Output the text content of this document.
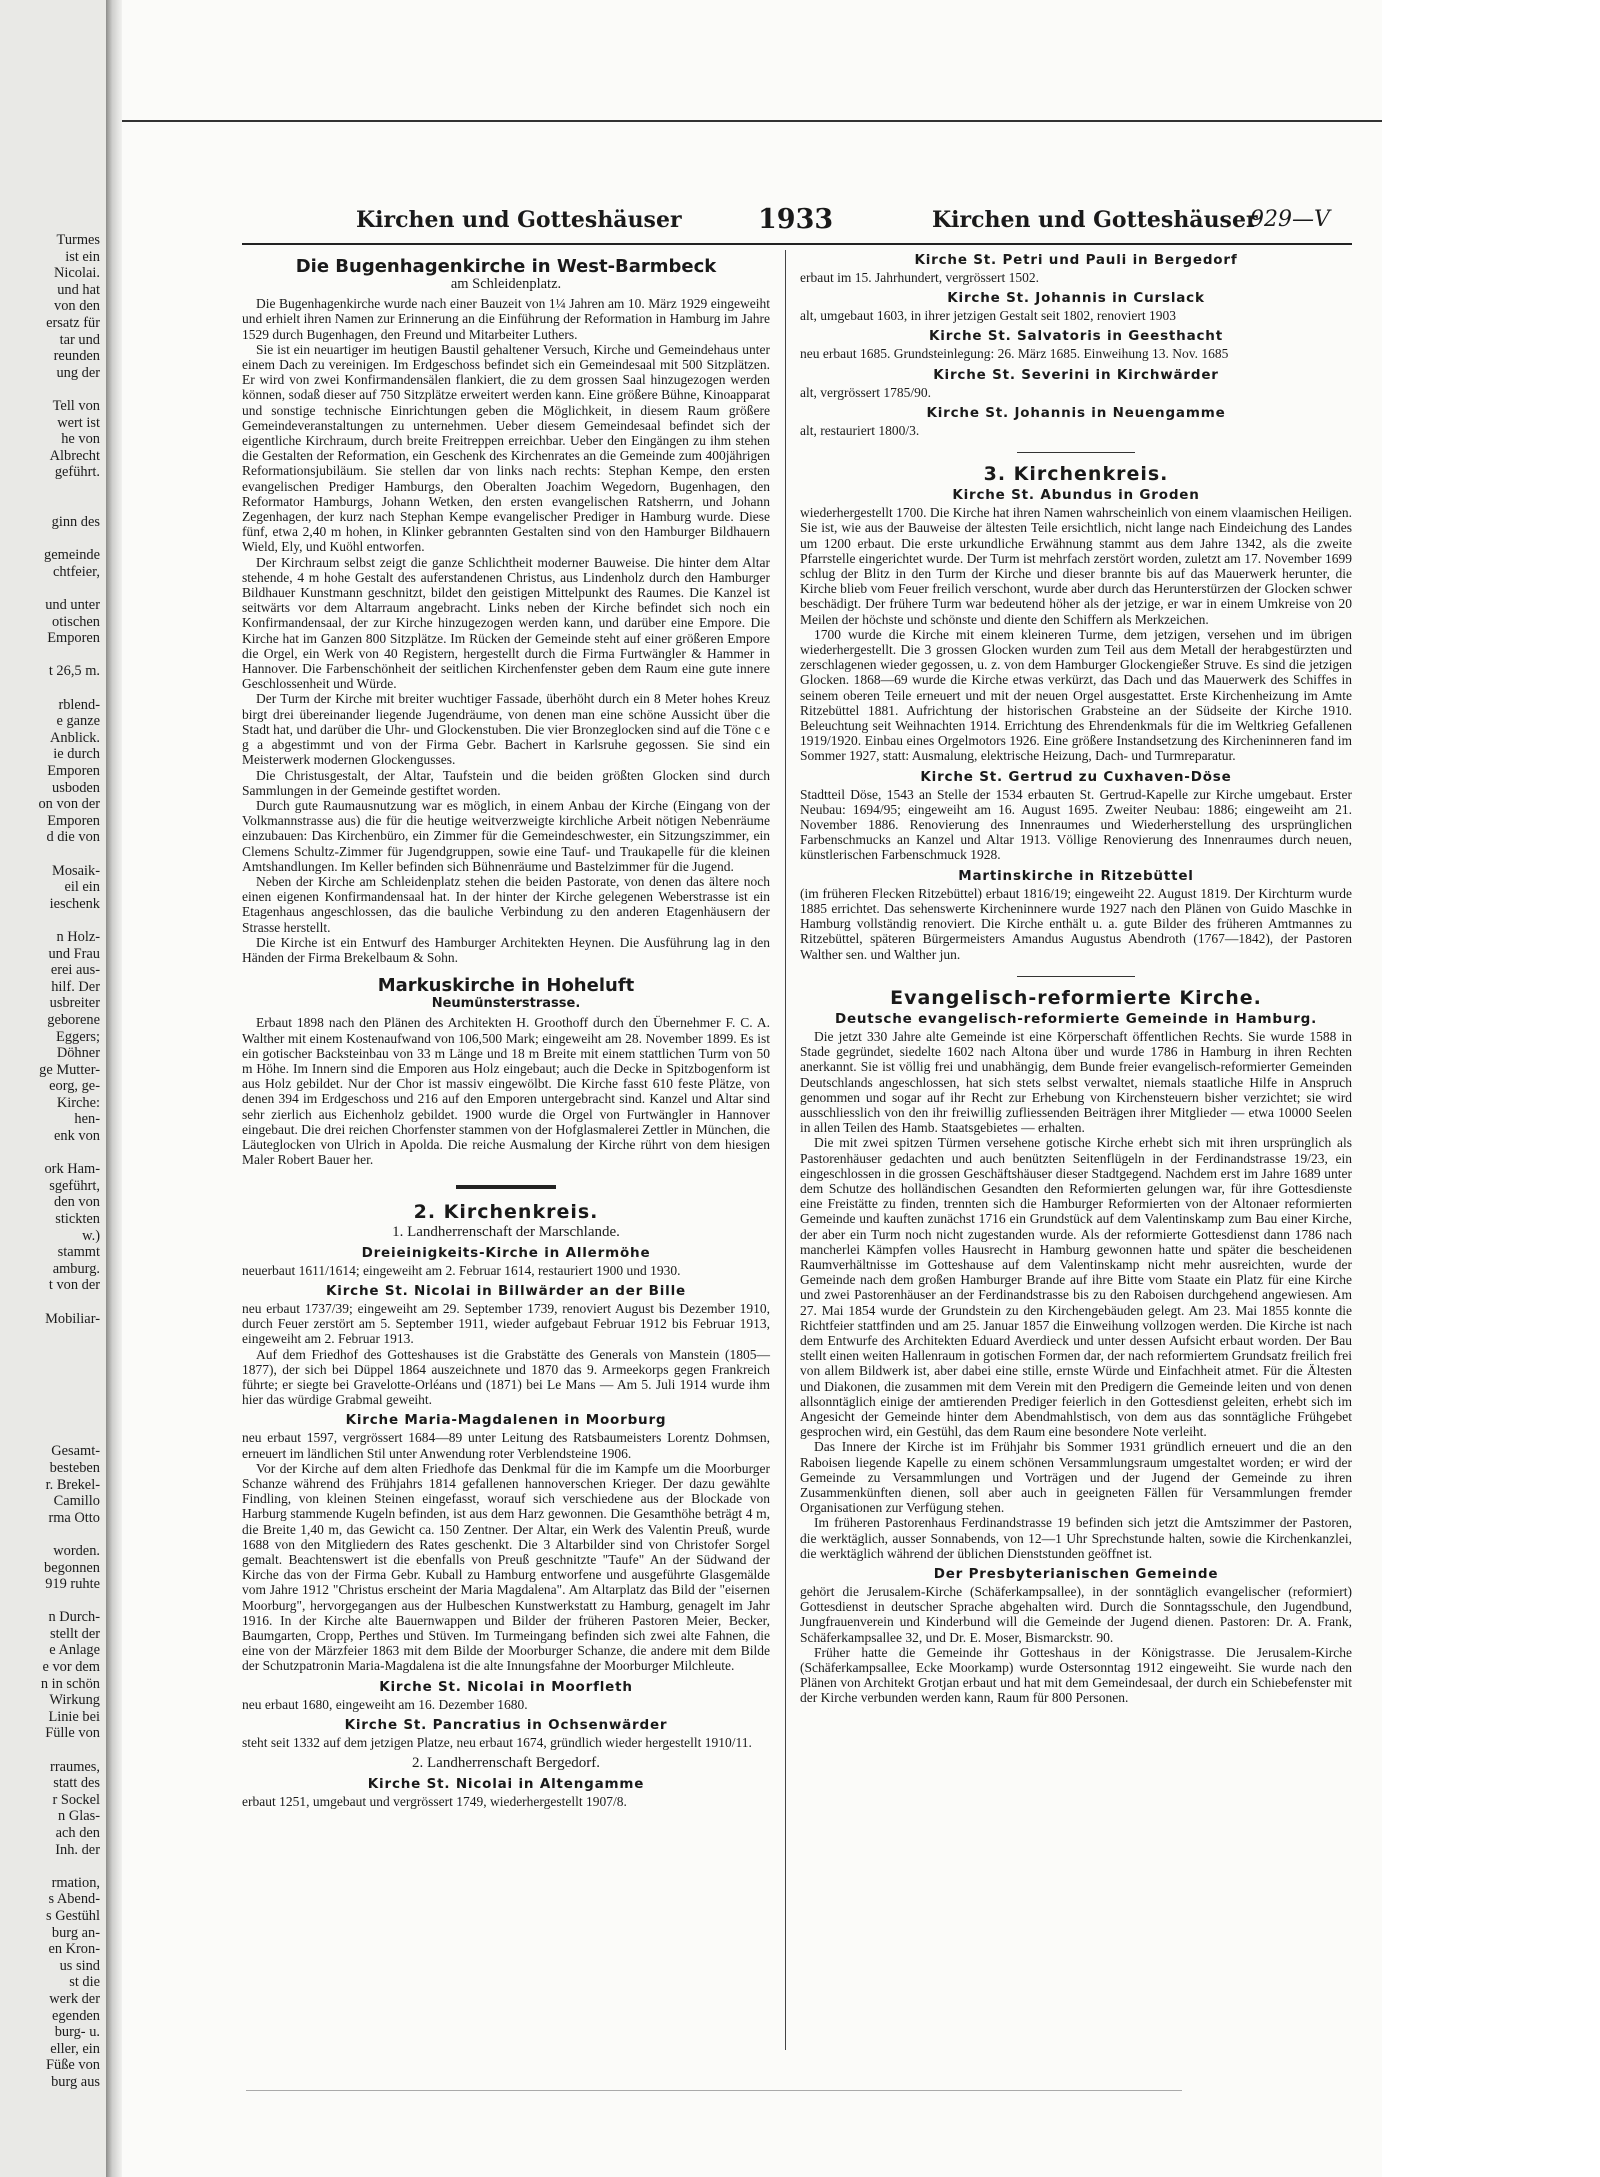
Turmes
ist ein
Nicolai.
und hat
von den
ersatz für
tar und
reunden
ung der

Tell von
wert ist
he von
Albrecht
geführt.

ginn des

gemeinde
chtfeier,

und unter
otischen
Emporen

t 26,5 m.

rblend-
e ganze
Anblick.
ie durch
Emporen
usboden
on von der
Emporen
d die von

Mosaik-
eil ein
ieschenk

n Holz-
und Frau
erei aus-
hilf. Der
usbreiter
geborene
Eggers;
Döhner
ge Mutter-
eorg, ge-
Kirche:
hen-
enk von

ork Ham-
sgeführt,
den von
stickten
w.)
stammt
amburg.
t von der

Mobiliar-

Gesamt-
besteben
r. Brekel-
Camillo
rma Otto

worden.
begonnen
919 ruhte

n Durch-
stellt der
e Anlage
e vor dem
n in schön
Wirkung
Linie bei
Fülle von

rraumes,
statt des
r Sockel
n Glas-
ach den
Inh. der

rmation,
s Abend-
s Gestühl
burg an-
en Kron-
us sind
st die
werk der
egenden
burg- u.
eller, ein
Füße von
burg aus
Kirchen und Gotteshäuser	1933	Kirchen und Gotteshäuser
929—V
Die Bugenhagenkirche in West-Barmbeck
am Schleidenplatz.

Die Bugenhagenkirche wurde nach einer Bauzeit von 1¼ Jahren am 10. März 1929 eingeweiht und erhielt ihren Namen zur Erinnerung an die Einführung der Reformation in Hamburg im Jahre 1529 durch Bugenhagen, den Freund und Mitarbeiter Luthers.

Sie ist ein neuartiger im heutigen Baustil gehaltener Versuch, Kirche und Gemeindehaus unter einem Dach zu vereinigen. Im Erdgeschoss befindet sich ein Gemeindesaal mit 500 Sitzplätzen. Er wird von zwei Konfirmandensälen flankiert, die zu dem grossen Saal hinzugezogen werden können, sodaß dieser auf 750 Sitzplätze erweitert werden kann. Eine größere Bühne, Kinoapparat und sonstige technische Einrichtungen geben die Möglichkeit, in diesem Raum größere Gemeindeveranstaltungen zu unternehmen. Ueber diesem Gemeindesaal befindet sich der eigentliche Kirchraum, durch breite Freitreppen erreichbar. Ueber den Eingängen zu ihm stehen die Gestalten der Reformation, ein Geschenk des Kirchenrates an die Gemeinde zum 400jährigen Reformationsjubiläum. Sie stellen dar von links nach rechts: Stephan Kempe, den ersten evangelischen Prediger Hamburgs, den Oberalten Joachim Wegedorn, Bugenhagen, den Reformator Hamburgs, Johann Wetken, den ersten evangelischen Ratsherrn, und Johann Zegenhagen, der kurz nach Stephan Kempe evangelischer Prediger in Hamburg wurde. Diese fünf, etwa 2,40 m hohen, in Klinker gebrannten Gestalten sind von den Hamburger Bildhauern Wield, Ely, und Kuöhl entworfen.

Der Kirchraum selbst zeigt die ganze Schlichtheit moderner Bauweise. Die hinter dem Altar stehende, 4 m hohe Gestalt des auferstandenen Christus, aus Lindenholz durch den Hamburger Bildhauer Kunstmann geschnitzt, bildet den geistigen Mittelpunkt des Raumes. Die Kanzel ist seitwärts vor dem Altarraum angebracht. Links neben der Kirche befindet sich noch ein Konfirmandensaal, der zur Kirche hinzugezogen werden kann, und darüber eine Empore. Die Kirche hat im Ganzen 800 Sitzplätze. Im Rücken der Gemeinde steht auf einer größeren Empore die Orgel, ein Werk von 40 Registern, hergestellt durch die Firma Furtwängler & Hammer in Hannover. Die Farbenschönheit der seitlichen Kirchenfenster geben dem Raum eine gute innere Geschlossenheit und Würde.

Der Turm der Kirche mit breiter wuchtiger Fassade, überhöht durch ein 8 Meter hohes Kreuz birgt drei übereinander liegende Jugendräume, von denen man eine schöne Aussicht über die Stadt hat, und darüber die Uhr- und Glockenstuben. Die vier Bronzeglocken sind auf die Töne c e g a abgestimmt und von der Firma Gebr. Bachert in Karlsruhe gegossen. Sie sind ein Meisterwerk modernen Glockengusses.

Die Christusgestalt, der Altar, Taufstein und die beiden größten Glocken sind durch Sammlungen in der Gemeinde gestiftet worden.

Durch gute Raumausnutzung war es möglich, in einem Anbau der Kirche (Eingang von der Volkmannstrasse aus) die für die heutige weitverzweigte kirchliche Arbeit nötigen Nebenräume einzubauen: Das Kirchenbüro, ein Zimmer für die Gemeindeschwester, ein Sitzungszimmer, ein Clemens Schultz-Zimmer für Jugendgruppen, sowie eine Tauf- und Traukapelle für die kleinen Amtshandlungen. Im Keller befinden sich Bühnenräume und Bastelzimmer für die Jugend.

Neben der Kirche am Schleidenplatz stehen die beiden Pastorate, von denen das ältere noch einen eigenen Konfirmandensaal hat. In der hinter der Kirche gelegenen Weberstrasse ist ein Etagenhaus angeschlossen, das die bauliche Verbindung zu den anderen Etagenhäusern der Strasse herstellt.

Die Kirche ist ein Entwurf des Hamburger Architekten Heynen. Die Ausführung lag in den Händen der Firma Brekelbaum & Sohn.

Markuskirche in Hoheluft
Neumünsterstrasse.

Erbaut 1898 nach den Plänen des Architekten H. Groothoff durch den Übernehmer F. C. A. Walther mit einem Kostenaufwand von 106,500 Mark; eingeweiht am 28. November 1899. Es ist ein gotischer Backsteinbau von 33 m Länge und 18 m Breite mit einem stattlichen Turm von 50 m Höhe. Im Innern sind die Emporen aus Holz eingebaut; auch die Decke in Spitzbogenform ist aus Holz gebildet. Nur der Chor ist massiv eingewölbt. Die Kirche fasst 610 feste Plätze, von denen 394 im Erdgeschoss und 216 auf den Emporen untergebracht sind. Kanzel und Altar sind sehr zierlich aus Eichenholz gebildet. 1900 wurde die Orgel von Furtwängler in Hannover eingebaut. Die drei reichen Chorfenster stammen von der Hofglasmalerei Zettler in München, die Läuteglocken von Ulrich in Apolda. Die reiche Ausmalung der Kirche rührt von dem hiesigen Maler Robert Bauer her.

2. Kirchenkreis.
1. Landherrenschaft der Marschlande.
Dreieinigkeits-Kirche in Allermöhe

neuerbaut 1611/1614; eingeweiht am 2. Februar 1614, restauriert 1900 und 1930.

Kirche St. Nicolai in Billwärder an der Bille

neu erbaut 1737/39; eingeweiht am 29. September 1739, renoviert August bis Dezember 1910, durch Feuer zerstört am 5. September 1911, wieder aufgebaut Februar 1912 bis Februar 1913, eingeweiht am 2. Februar 1913.

Auf dem Friedhof des Gotteshauses ist die Grabstätte des Generals von Manstein (1805—1877), der sich bei Düppel 1864 auszeichnete und 1870 das 9. Armeekorps gegen Frankreich führte; er siegte bei Gravelotte-Orléans und (1871) bei Le Mans — Am 5. Juli 1914 wurde ihm hier das würdige Grabmal geweiht.

Kirche Maria-Magdalenen in Moorburg

neu erbaut 1597, vergrössert 1684—89 unter Leitung des Ratsbaumeisters Lorentz Dohmsen, erneuert im ländlichen Stil unter Anwendung roter Verblendsteine 1906.

Vor der Kirche auf dem alten Friedhofe das Denkmal für die im Kampfe um die Moorburger Schanze während des Frühjahrs 1814 gefallenen hannoverschen Krieger. Der dazu gewählte Findling, von kleinen Steinen eingefasst, worauf sich verschiedene aus der Blockade von Harburg stammende Kugeln befinden, ist aus dem Harz gewonnen. Die Gesamthöhe beträgt 4 m, die Breite 1,40 m, das Gewicht ca. 150 Zentner. Der Altar, ein Werk des Valentin Preuß, wurde 1688 von den Mitgliedern des Rates geschenkt. Die 3 Altarbilder sind von Christofer Sorgel gemalt. Beachtenswert ist die ebenfalls von Preuß geschnitzte "Taufe" An der Südwand der Kirche das von der Firma Gebr. Kuball zu Hamburg entworfene und ausgeführte Glasgemälde vom Jahre 1912 "Christus erscheint der Maria Magdalena". Am Altarplatz das Bild der "eisernen Moorburg", hervorgegangen aus der Hulbeschen Kunstwerkstatt zu Hamburg, genagelt im Jahr 1916. In der Kirche alte Bauernwappen und Bilder der früheren Pastoren Meier, Becker, Baumgarten, Cropp, Perthes und Stüven. Im Turmeingang befinden sich zwei alte Fahnen, die eine von der Märzfeier 1863 mit dem Bilde der Moorburger Schanze, die andere mit dem Bilde der Schutzpatronin Maria-Magdalena ist die alte Innungsfahne der Moorburger Milchleute.

Kirche St. Nicolai in Moorfleth

neu erbaut 1680, eingeweiht am 16. Dezember 1680.

Kirche St. Pancratius in Ochsenwärder

steht seit 1332 auf dem jetzigen Platze, neu erbaut 1674, gründlich wieder hergestellt 1910/11.

2. Landherrenschaft Bergedorf.
Kirche St. Nicolai in Altengamme

erbaut 1251, umgebaut und vergrössert 1749, wiederhergestellt 1907/8.

Kirche St. Petri und Pauli in Bergedorf

erbaut im 15. Jahrhundert, vergrössert 1502.

Kirche St. Johannis in Curslack

alt, umgebaut 1603, in ihrer jetzigen Gestalt seit 1802, renoviert 1903

Kirche St. Salvatoris in Geesthacht

neu erbaut 1685. Grundsteinlegung: 26. März 1685. Einweihung 13. Nov. 1685

Kirche St. Severini in Kirchwärder

alt, vergrössert 1785/90.

Kirche St. Johannis in Neuengamme

alt, restauriert 1800/3.

3. Kirchenkreis.
Kirche St. Abundus in Groden

wiederhergestellt 1700. Die Kirche hat ihren Namen wahrscheinlich von einem vlaamischen Heiligen. Sie ist, wie aus der Bauweise der ältesten Teile ersichtlich, nicht lange nach Eindeichung des Landes um 1200 erbaut. Die erste urkundliche Erwähnung stammt aus dem Jahre 1342, als die zweite Pfarrstelle eingerichtet wurde. Der Turm ist mehrfach zerstört worden, zuletzt am 17. November 1699 schlug der Blitz in den Turm der Kirche und dieser brannte bis auf das Mauerwerk herunter, die Kirche blieb vom Feuer freilich verschont, wurde aber durch das Herunterstürzen der Glocken schwer beschädigt. Der frühere Turm war bedeutend höher als der jetzige, er war in einem Umkreise von 20 Meilen der höchste und schönste und diente den Schiffern als Merkzeichen.

1700 wurde die Kirche mit einem kleineren Turme, dem jetzigen, versehen und im übrigen wiederhergestellt. Die 3 grossen Glocken wurden zum Teil aus dem Metall der herabgestürzten und zerschlagenen wieder gegossen, u. z. von dem Hamburger Glockengießer Struve. Es sind die jetzigen Glocken. 1868—69 wurde die Kirche etwas verkürzt, das Dach und das Mauerwerk des Schiffes in seinem oberen Teile erneuert und mit der neuen Orgel ausgestattet. Erste Kirchenheizung im Amte Ritzebüttel 1881. Aufrichtung der historischen Grabsteine an der Südseite der Kirche 1910. Beleuchtung seit Weihnachten 1914. Errichtung des Ehrendenkmals für die im Weltkrieg Gefallenen 1919/1920. Einbau eines Orgelmotors 1926. Eine größere Instandsetzung des Kircheninneren fand im Sommer 1927, statt: Ausmalung, elektrische Heizung, Dach- und Turmreparatur.

Kirche St. Gertrud zu Cuxhaven-Döse

Stadtteil Döse, 1543 an Stelle der 1534 erbauten St. Gertrud-Kapelle zur Kirche umgebaut. Erster Neubau: 1694/95; eingeweiht am 16. August 1695. Zweiter Neubau: 1886; eingeweiht am 21. November 1886. Renovierung des Innenraumes und Wiederherstellung des ursprünglichen Farbenschmucks an Kanzel und Altar 1913. Völlige Renovierung des Innenraumes durch neuen, künstlerischen Farbenschmuck 1928.

Martinskirche in Ritzebüttel

(im früheren Flecken Ritzebüttel) erbaut 1816/19; eingeweiht 22. August 1819. Der Kirchturm wurde 1885 errichtet. Das sehenswerte Kircheninnere wurde 1927 nach den Plänen von Guido Maschke in Hamburg vollständig renoviert. Die Kirche enthält u. a. gute Bilder des früheren Amtmannes zu Ritzebüttel, späteren Bürgermeisters Amandus Augustus Abendroth (1767—1842), der Pastoren Walther sen. und Walther jun.

Evangelisch-reformierte Kirche.
Deutsche evangelisch-reformierte Gemeinde in Hamburg.

Die jetzt 330 Jahre alte Gemeinde ist eine Körperschaft öffentlichen Rechts. Sie wurde 1588 in Stade gegründet, siedelte 1602 nach Altona über und wurde 1786 in Hamburg in ihren Rechten anerkannt. Sie ist völlig frei und unabhängig, dem Bunde freier evangelisch-reformierter Gemeinden Deutschlands angeschlossen, hat sich stets selbst verwaltet, niemals staatliche Hilfe in Anspruch genommen und sogar auf ihr Recht zur Erhebung von Kirchensteuern bisher verzichtet; sie wird ausschliesslich von den ihr freiwillig zufliessenden Beiträgen ihrer Mitglieder — etwa 10000 Seelen in allen Teilen des Hamb. Staatsgebietes — erhalten.

Die mit zwei spitzen Türmen versehene gotische Kirche erhebt sich mit ihren ursprünglich als Pastorenhäuser gedachten und auch benützten Seitenflügeln in der Ferdinandstrasse 19/23, ein eingeschlossen in die grossen Geschäftshäuser dieser Stadtgegend. Nachdem erst im Jahre 1689 unter dem Schutze des holländischen Gesandten den Reformierten gelungen war, für ihre Gottesdienste eine Freistätte zu finden, trennten sich die Hamburger Reformierten von der Altonaer reformierten Gemeinde und kauften zunächst 1716 ein Grundstück auf dem Valentinskamp zum Bau einer Kirche, der aber ein Turm noch nicht zugestanden wurde. Als der reformierte Gottesdienst dann 1786 nach mancherlei Kämpfen volles Hausrecht in Hamburg gewonnen hatte und später die bescheidenen Raumverhältnisse im Gotteshause auf dem Valentinskamp nicht mehr ausreichten, wurde der Gemeinde nach dem großen Hamburger Brande auf ihre Bitte vom Staate ein Platz für eine Kirche und zwei Pastorenhäuser an der Ferdinandstrasse bis zu den Raboisen durchgehend angewiesen. Am 27. Mai 1854 wurde der Grundstein zu den Kirchengebäuden gelegt. Am 23. Mai 1855 konnte die Richtfeier stattfinden und am 25. Januar 1857 die Einweihung vollzogen werden. Die Kirche ist nach dem Entwurfe des Architekten Eduard Averdieck und unter dessen Aufsicht erbaut worden. Der Bau stellt einen weiten Hallenraum in gotischen Formen dar, der nach reformiertem Grundsatz freilich frei von allem Bildwerk ist, aber dabei eine stille, ernste Würde und Einfachheit atmet. Für die Ältesten und Diakonen, die zusammen mit dem Verein mit den Predigern die Gemeinde leiten und von denen allsonntäglich einige der amtierenden Prediger feierlich in den Gottesdienst geleiten, erhebt sich im Angesicht der Gemeinde hinter dem Abendmahlstisch, von dem aus das sonntägliche Frühgebet gesprochen wird, ein Gestühl, das dem Raum eine besondere Note verleiht.

Das Innere der Kirche ist im Frühjahr bis Sommer 1931 gründlich erneuert und die an den Raboisen liegende Kapelle zu einem schönen Versammlungsraum umgestaltet worden; er wird der Gemeinde zu Versammlungen und Vorträgen und der Jugend der Gemeinde zu ihren Zusammenkünften dienen, soll aber auch in geeigneten Fällen für Versammlungen fremder Organisationen zur Verfügung stehen.

Im früheren Pastorenhaus Ferdinandstrasse 19 befinden sich jetzt die Amtszimmer der Pastoren, die werktäglich, ausser Sonnabends, von 12—1 Uhr Sprechstunde halten, sowie die Kirchenkanzlei, die werktäglich während der üblichen Dienststunden geöffnet ist.

Der Presbyterianischen Gemeinde

gehört die Jerusalem-Kirche (Schäferkampsallee), in der sonntäglich evangelischer (reformiert) Gottesdienst in deutscher Sprache abgehalten wird. Durch die Sonntagsschule, den Jugendbund, Jungfrauenverein und Kinderbund will die Gemeinde der Jugend dienen. Pastoren: Dr. A. Frank, Schäferkampsallee 32, und Dr. E. Moser, Bismarckstr. 90.

Früher hatte die Gemeinde ihr Gotteshaus in der Königstrasse. Die Jerusalem-Kirche (Schäferkampsallee, Ecke Moorkamp) wurde Ostersonntag 1912 eingeweiht. Sie wurde nach den Plänen von Architekt Grotjan erbaut und hat mit dem Gemeindesaal, der durch ein Schiebefenster mit der Kirche verbunden werden kann, Raum für 800 Personen.
